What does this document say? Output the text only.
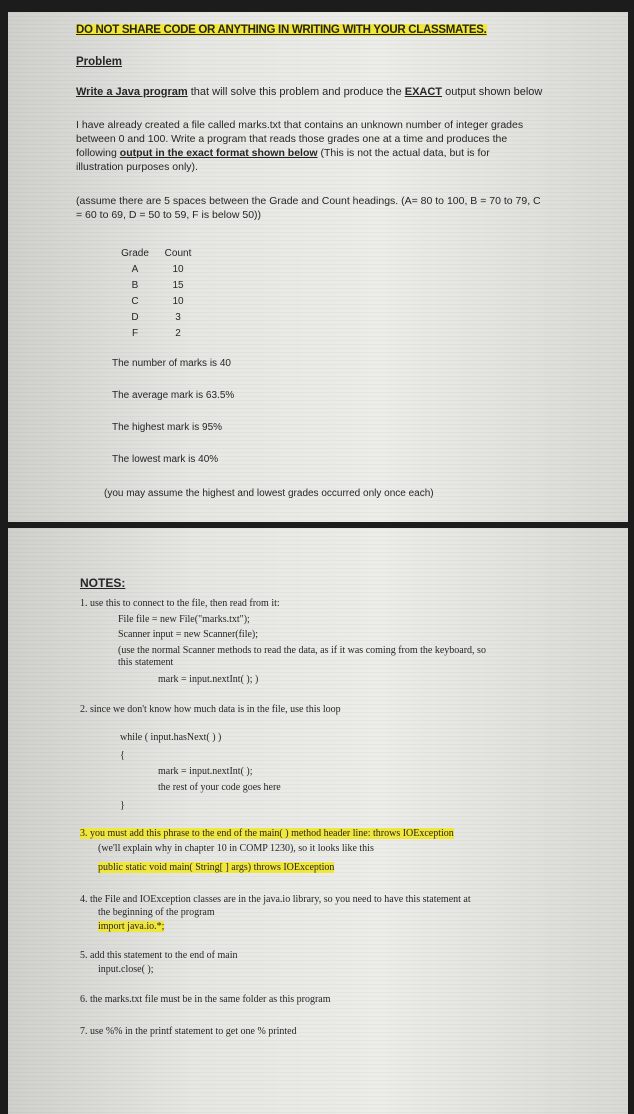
DO NOT SHARE CODE OR ANYTHING IN WRITING WITH YOUR CLASSMATES.
Problem
Write a Java program that will solve this problem and produce the EXACT output shown below
I have already created a file called marks.txt that contains an unknown number of integer grades
between 0 and 100. Write a program that reads those grades one at a time and produces the
following output in the exact format shown below (This is not the actual data, but is for
illustration purposes only).
(assume there are 5 spaces between the Grade and Count headings. (A= 80 to 100, B = 70 to 79, C
= 60 to 69, D = 50 to 59, F is below 50))
Grade	Count
A	10
B	15
C	10
D	3
F	2
The number of marks is 40
The average mark is 63.5%
The highest mark is 95%
The lowest mark is 40%
(you may assume the highest and lowest grades occurred only once each)
NOTES:
1. use this to connect to the file, then read from it:
File file = new File("marks.txt");
Scanner input = new Scanner(file);
(use the normal Scanner methods to read the data, as if it was coming from the keyboard, so
this statement
mark = input.nextInt( ); )
2. since we don't know how much data is in the file, use this loop
while ( input.hasNext( ) )
{
mark = input.nextInt( );
the rest of your code goes here
}
3. you must add this phrase to the end of the main( ) method header line: throws IOException
(we'll explain why in chapter 10 in COMP 1230), so it looks like this
public static void main( String[ ] args) throws IOException
4. the File and IOException classes are in the java.io library, so you need to have this statement at
the beginning of the program
import java.io.*;
5. add this statement to the end of main
input.close( );
6. the marks.txt file must be in the same folder as this program
7. use %% in the printf statement to get one % printed
